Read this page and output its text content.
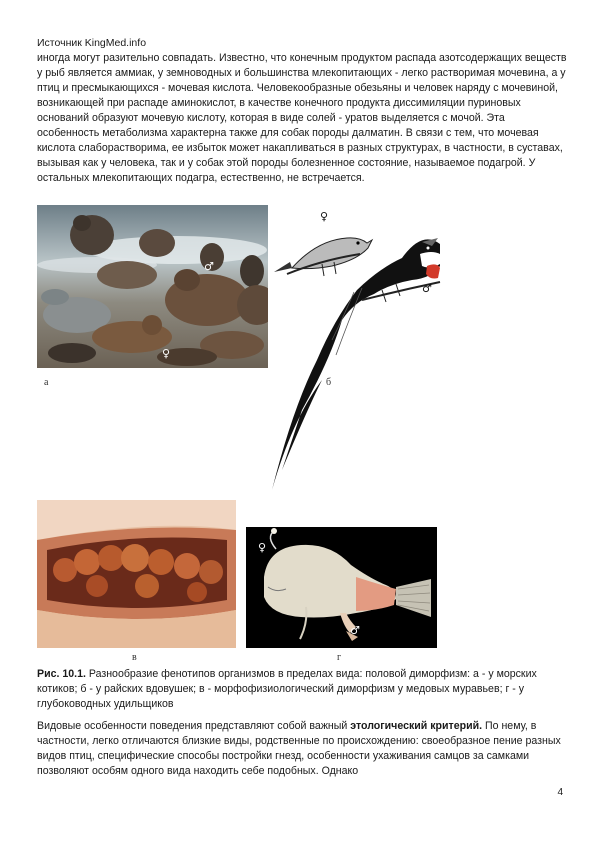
Источник KingMed.info

иногда могут разительно совпадать. Известно, что конечным продуктом распада азотсодержащих веществ у рыб является аммиак, у земноводных и большинства млекопитающих - легко растворимая мочевина, а у птиц и пресмыкающихся - мочевая кислота. Человекообразные обезьяны и человек наряду с мочевиной, возникающей при распаде аминокислот, в качестве конечного продукта диссимиляции пуриновых оснований образуют мочевую кислоту, которая в виде солей - уратов выделяется с мочой. Эта особенность метаболизма характерна также для собак породы далматин. В связи с тем, что мочевая кислота слаборастворима, ее избыток может накапливаться в разных структурах, в частности, в суставах, вызывая как у человека, так и у собак этой породы болезненное состояние, называемое подагрой. У остальных млекопитающих подагра, естественно, не встречается.

♂
♀
а
♀
♂
б
в
♀
♂
г

Рис. 10.1. Разнообразие фенотипов организмов в пределах вида: половой диморфизм: а - у морских котиков; б - у райских вдовушек; в - морфофизиологический диморфизм у медовых муравьев; г - у глубоководных удильщиков

Видовые особенности поведения представляют собой важный этологический критерий. По нему, в частности, легко отличаются близкие виды, родственные по происхождению: своеобразное пение разных видов птиц, специфические способы постройки гнезд, особенности ухаживания самцов за самками позволяют особям одного вида находить себе подобных. Однако

4
